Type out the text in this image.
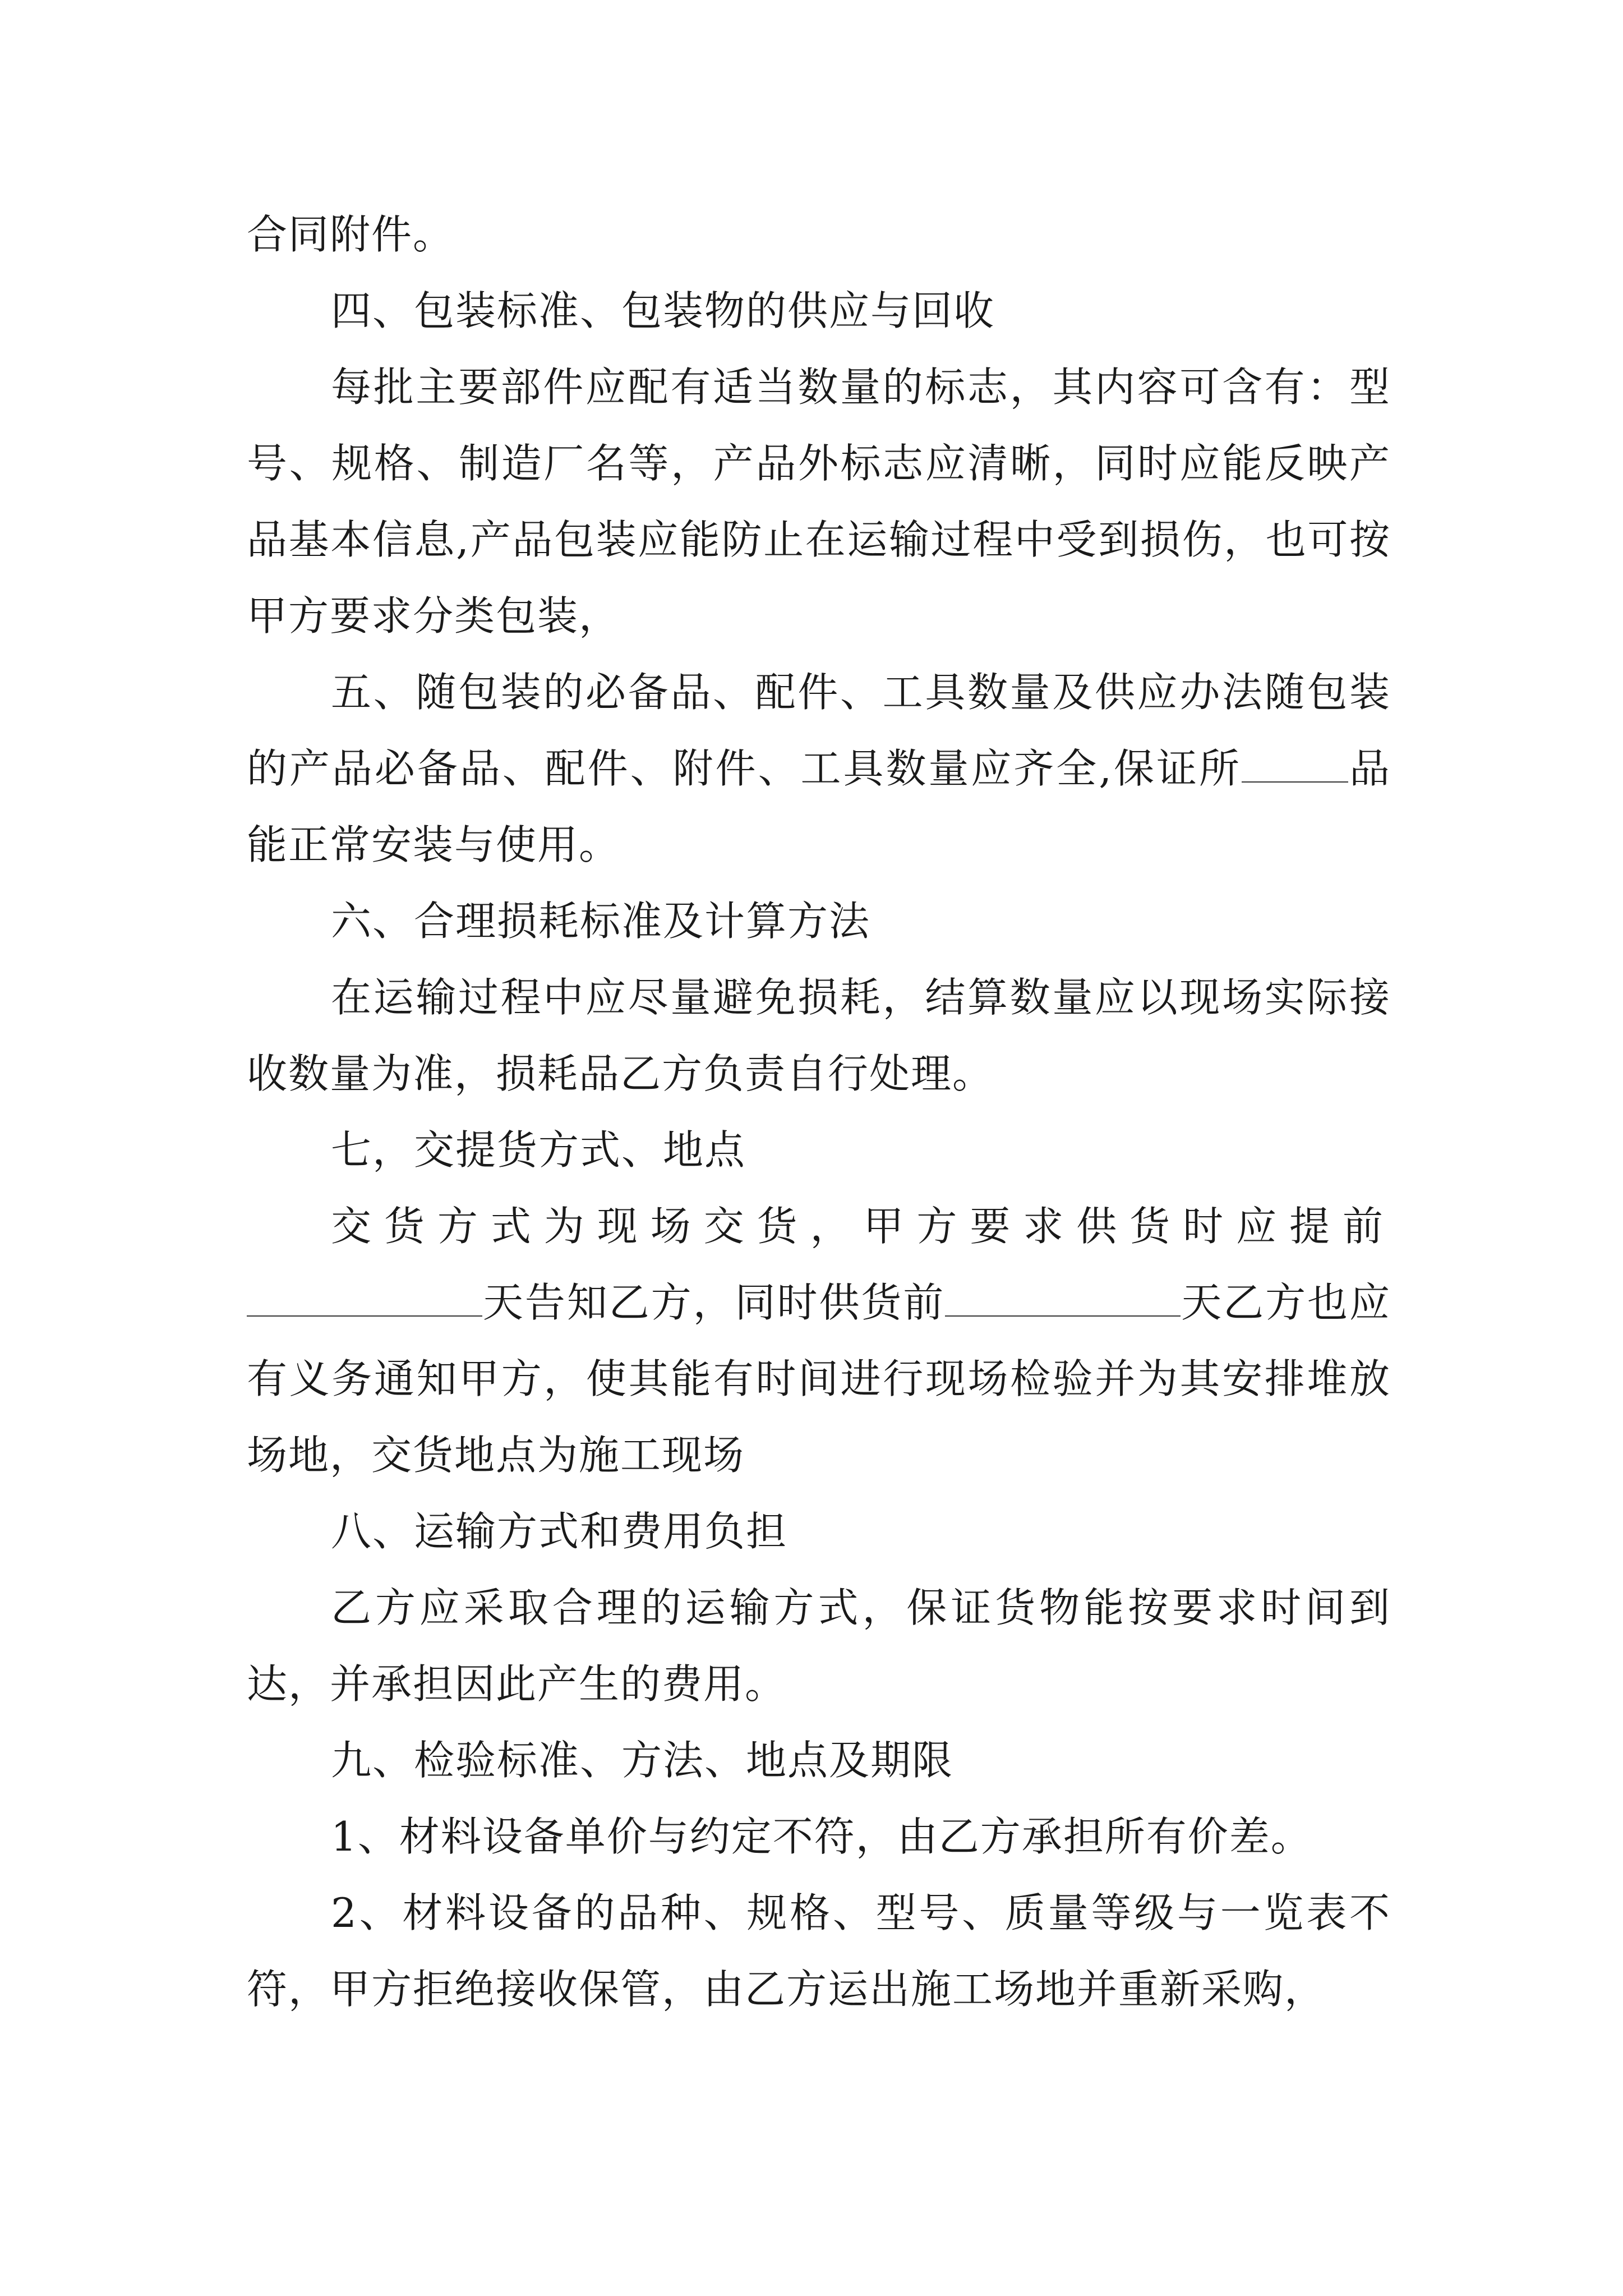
合同附件。

四、包装标准、包装物的供应与回收

每批主要部件应配有适当数量的标志，其内容可含有：型号、规格、制造厂名等，产品外标志应清晰，同时应能反映产品基本信息,产品包装应能防止在运输过程中受到损伤，也可按甲方要求分类包装，

五、随包装的必备品、配件、工具数量及供应办法随包装的产品必备品、配件、附件、工具数量应齐全,保证所	品能正常安装与使用。

六、合理损耗标准及计算方法

在运输过程中应尽量避免损耗，结算数量应以现场实际接收数量为准，损耗品乙方负责自行处理。

七，交提货方式、地点

交货方式为现场交货，甲方要求供货时应提前天告知乙方，同时供货前	天乙方也应有义务通知甲方，使其能有时间进行现场检验并为其安排堆放场地，交货地点为施工现场

八、运输方式和费用负担

乙方应采取合理的运输方式，保证货物能按要求时间到达，并承担因此产生的费用。

九、检验标准、方法、地点及期限

1、材料设备单价与约定不符，由乙方承担所有价差。

2、材料设备的品种、规格、型号、质量等级与一览表不符，甲方拒绝接收保管，由乙方运出施工场地并重新采购，
